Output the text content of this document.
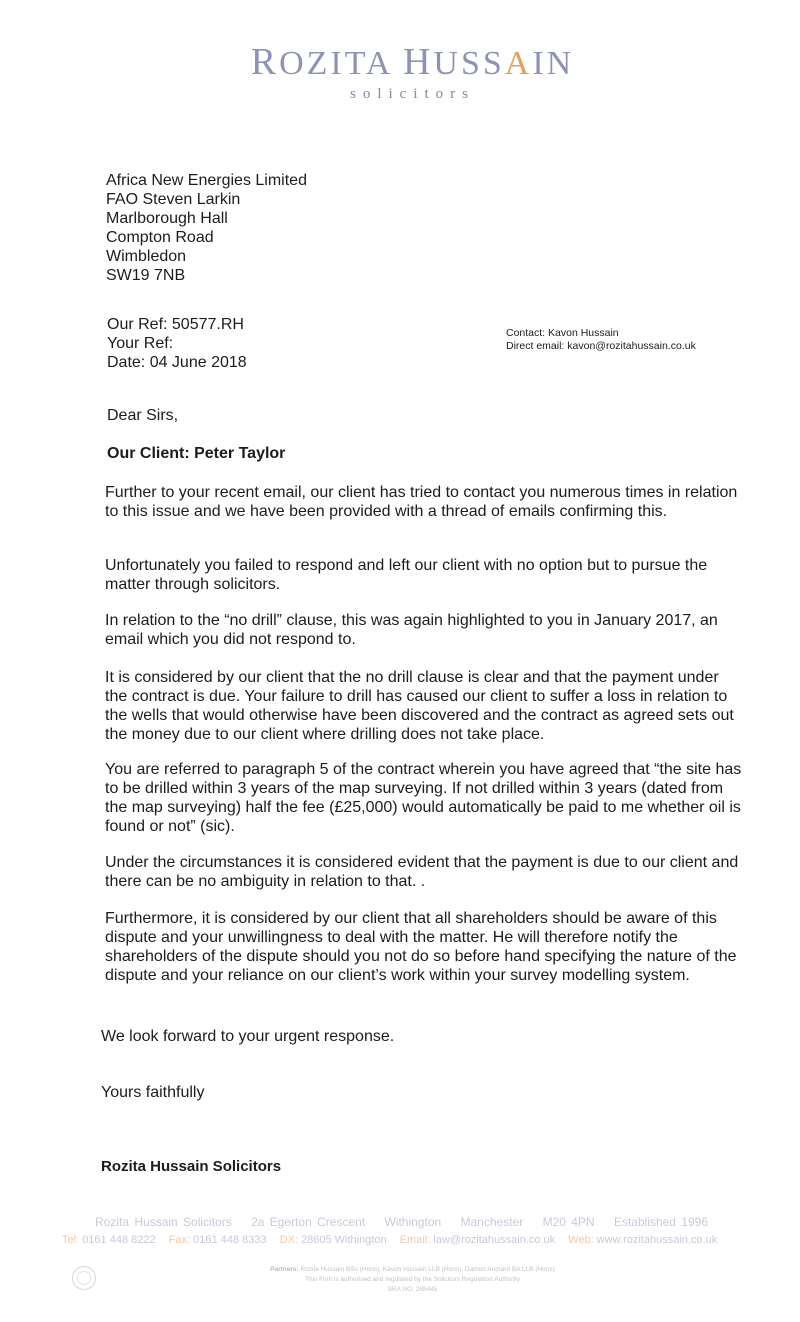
ROZITA HUSSAIN
solicitors
Africa New Energies Limited
FAO Steven Larkin
Marlborough Hall
Compton Road
Wimbledon
SW19 7NB
Our Ref: 50577.RH
Your Ref:
Date: 04 June 2018
Contact: Kavon Hussain
Direct email: kavon@rozitahussain.co.uk
Dear Sirs,
Our Client: Peter Taylor

Further to your recent email, our client has tried to contact you numerous times in relation to this issue and we have been provided with a thread of emails confirming this.

Unfortunately you failed to respond and left our client with no option but to pursue the matter through solicitors.

In relation to the “no drill” clause, this was again highlighted to you in January 2017, an email which you did not respond to.

It is considered by our client that the no drill clause is clear and that the payment under the contract is due. Your failure to drill has caused our client to suffer a loss in relation to the wells that would otherwise have been discovered and the contract as agreed sets out the money due to our client where drilling does not take place.

You are referred to paragraph 5 of the contract wherein you have agreed that “the site has to be drilled within 3 years of the map surveying. If not drilled within 3 years (dated from the map surveying) half the fee (£25,000) would automatically be paid to me whether oil is found or not” (sic).

Under the circumstances it is considered evident that the payment is due to our client and there can be no ambiguity in relation to that. .

Furthermore, it is considered by our client that all shareholders should be aware of this dispute and your unwillingness to deal with the matter. He will therefore notify the shareholders of the dispute should you not do so before hand specifying the nature of the dispute and your reliance on our client’s work within your survey modelling system.

We look forward to your urgent response.
Yours faithfully
Rozita Hussain Solicitors
Rozita Hussain Solicitors 2a Egerton Crescent Withington Manchester M20 4PN Established 1996
Tel: 0161 448 8222 Fax: 0161 448 8333 DX: 28605 Withington Email: law@rozitahussain.co.uk Web: www.rozitahussain.co.uk
Partners: Rozita Hussain BSc (Hons), Kavon Hussain LLB (Hons), Damon Archard BA LLB (Hons)
This Firm is authorised and regulated by the Solicitors Regulation Authority
SRA NO: 288445
